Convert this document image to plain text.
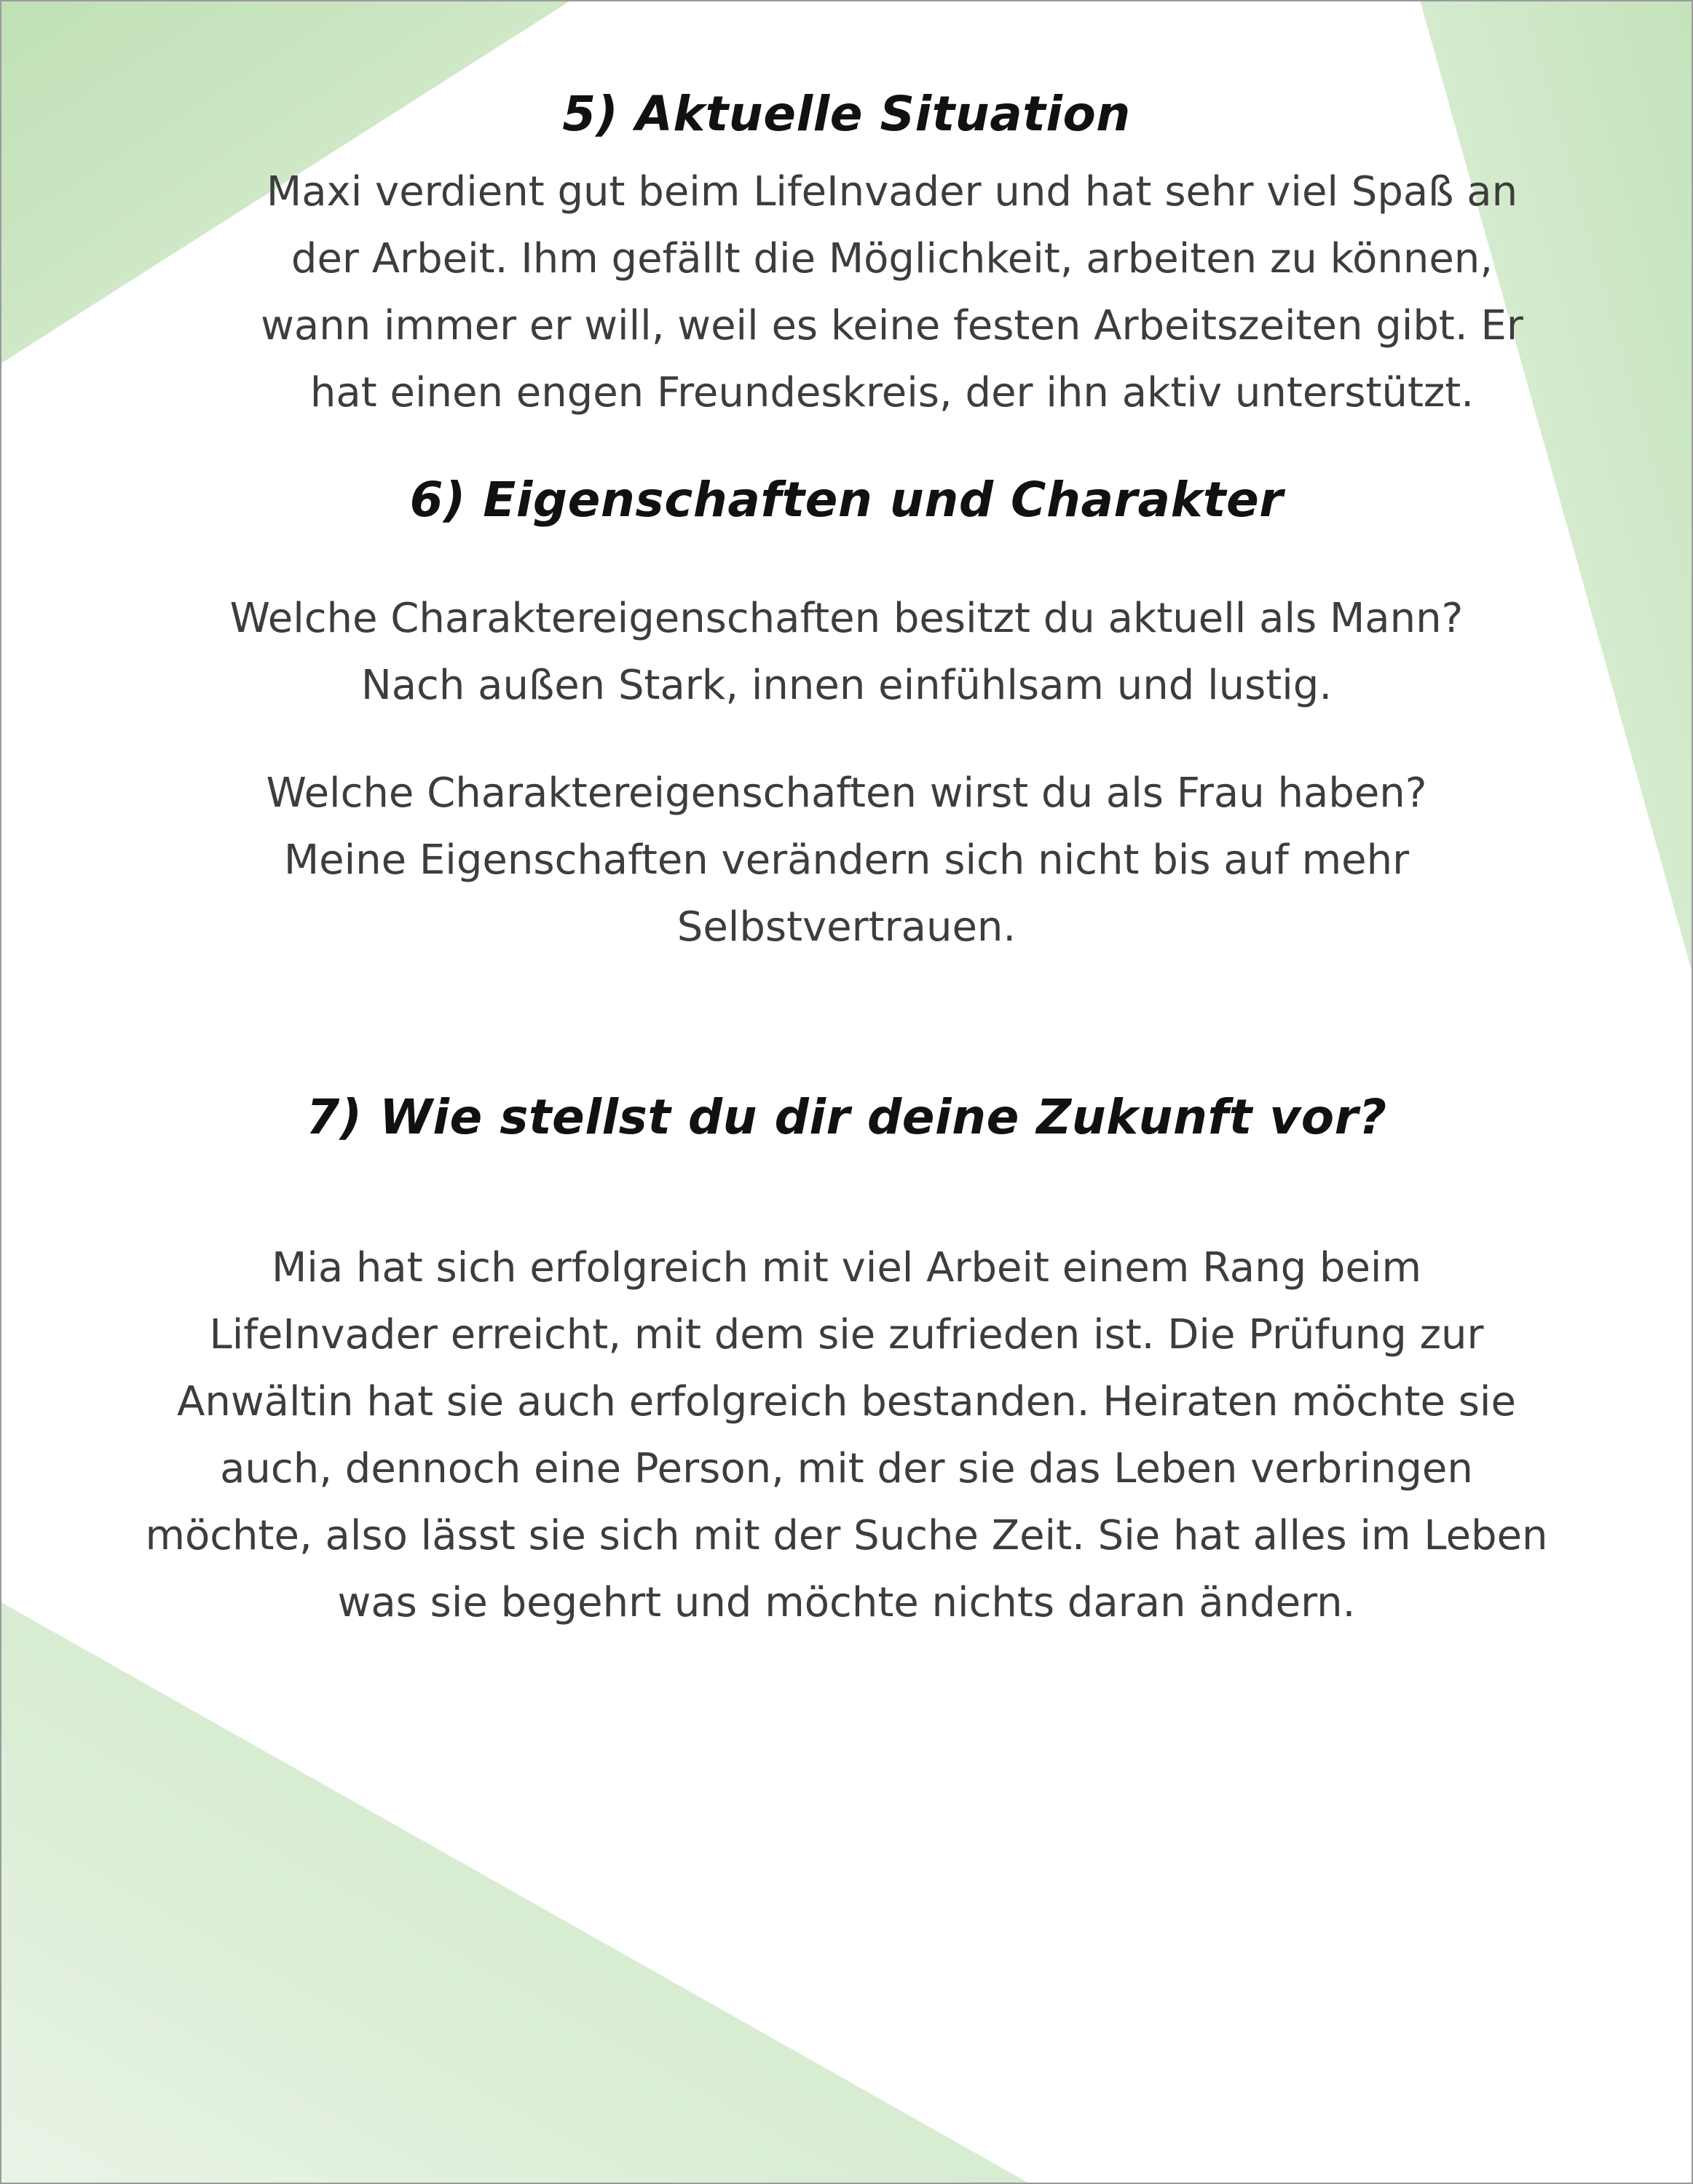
5) Aktuelle Situation
Maxi verdient gut beim LifeInvader und hat sehr viel Spaß an
der Arbeit. Ihm gefällt die Möglichkeit, arbeiten zu können,
wann immer er will, weil es keine festen Arbeitszeiten gibt. Er
hat einen engen Freundeskreis, der ihn aktiv unterstützt.
6) Eigenschaften und Charakter
Welche Charaktereigenschaften besitzt du aktuell als Mann?
Nach außen Stark, innen einfühlsam und lustig.
Welche Charaktereigenschaften wirst du als Frau haben?
Meine Eigenschaften verändern sich nicht bis auf mehr
Selbstvertrauen.
7) Wie stellst du dir deine Zukunft vor?
Mia hat sich erfolgreich mit viel Arbeit einem Rang beim
LifeInvader erreicht, mit dem sie zufrieden ist. Die Prüfung zur
Anwältin hat sie auch erfolgreich bestanden. Heiraten möchte sie
auch, dennoch eine Person, mit der sie das Leben verbringen
möchte, also lässt sie sich mit der Suche Zeit. Sie hat alles im Leben
was sie begehrt und möchte nichts daran ändern.
